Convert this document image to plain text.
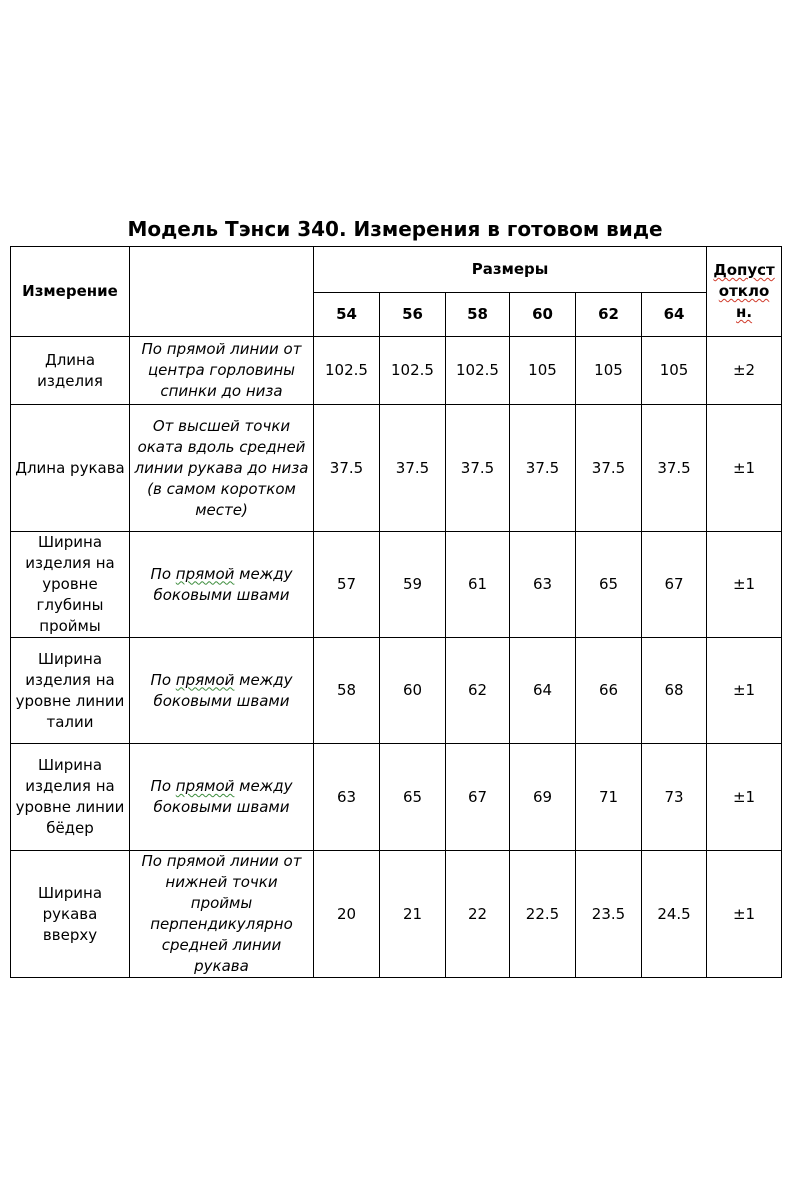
Модель Тэнси 340. Измерения в готовом виде
Измерение		Размеры						Допуст
откло
н.
		54	56	58	60	62	64	
Длина изделия	По прямой линии от центра горловины спинки до низа	102.5	102.5	102.5	105	105	105	±2
Длина рукава	От высшей точки оката вдоль средней линии рукава до низа (в самом коротком месте)	37.5	37.5	37.5	37.5	37.5	37.5	±1
Ширина изделия на уровне глубины проймы	По прямой между боковыми швами	57	59	61	63	65	67	±1
Ширина изделия на уровне линии талии	По прямой между боковыми швами	58	60	62	64	66	68	±1
Ширина изделия на уровне линии бёдер	По прямой между боковыми швами	63	65	67	69	71	73	±1
Ширина рукава вверху	По прямой линии от нижней точки проймы перпендикулярно средней линии рукава	20	21	22	22.5	23.5	24.5	±1
